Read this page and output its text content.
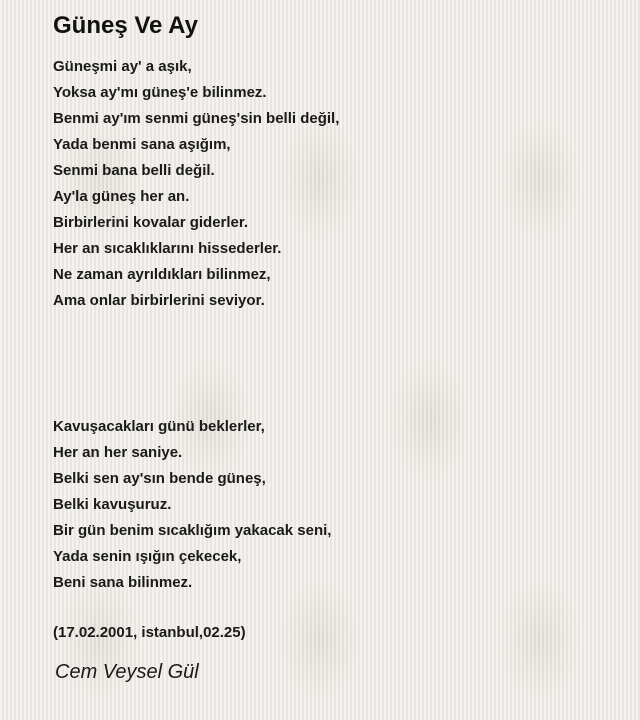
Güneş Ve Ay
Güneşmi ay' a aşık,
Yoksa ay'mı güneş'e bilinmez.
Benmi ay'ım senmi güneş'sin belli değil,
Yada benmi sana aşığım,
Senmi bana belli değil.
Ay'la güneş her an.
Birbirlerini kovalar giderler.
Her an sıcaklıklarını hissederler.
Ne zaman ayrıldıkları bilinmez,
Ama onlar birbirlerini seviyor.
Kavuşacakları günü beklerler,
Her an her saniye.
Belki sen ay'sın bende güneş,
Belki kavuşuruz.
Bir gün benim sıcaklığım yakacak seni,
Yada senin ışığın çekecek,
Beni sana bilinmez.
(17.02.2001, istanbul,02.25)
Cem Veysel Gül
